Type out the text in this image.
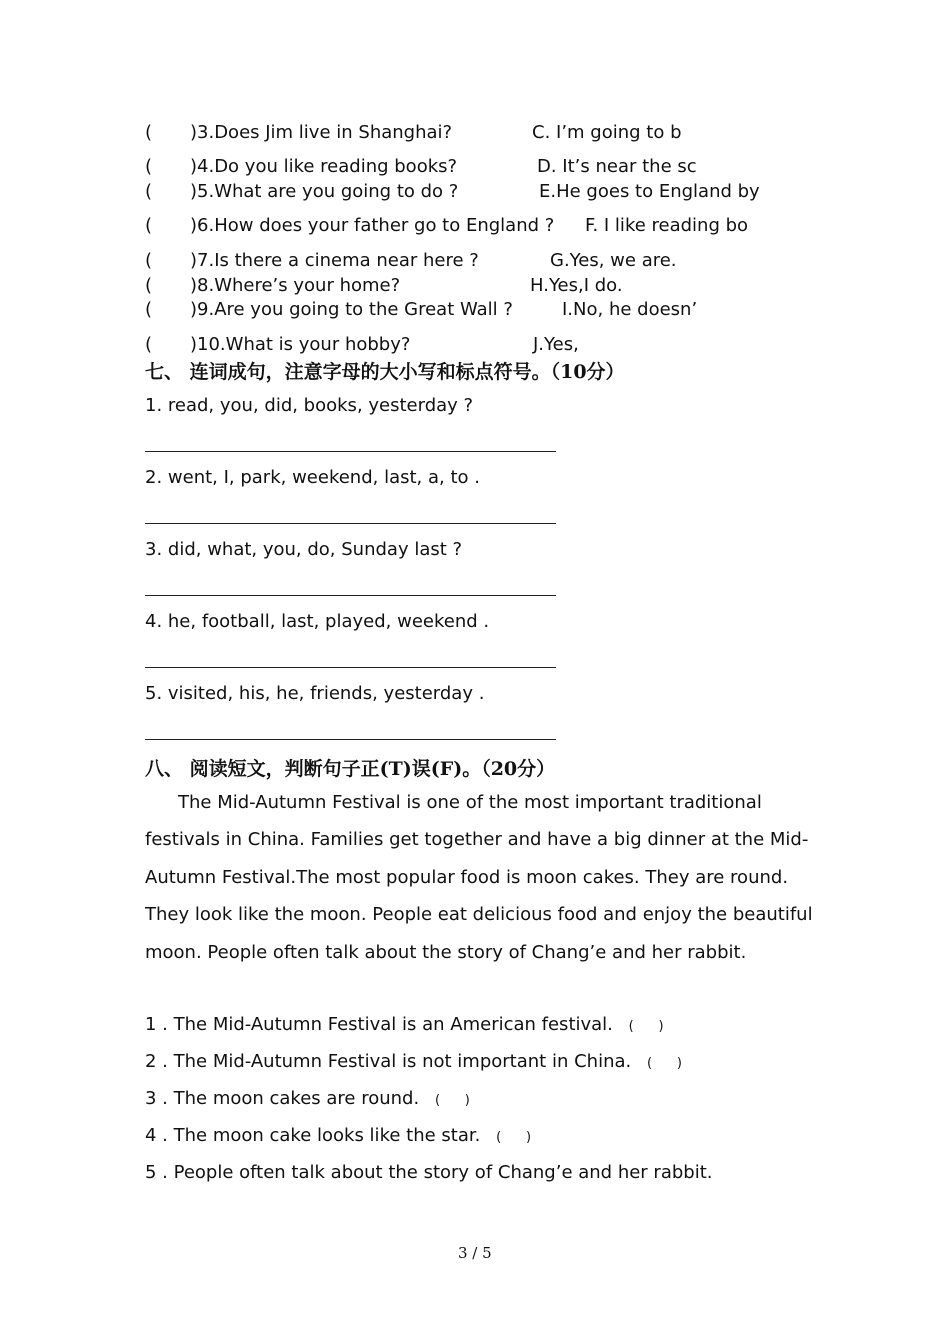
( )3.Does Jim live in Shanghai?	C. I’m going to b
( )4.Do you like reading books?	D. It’s near the sc
( )5.What are you going to do ?	E.He goes to England by
( )6.How does your father go to England ? F. I like reading bo
( )7.Is there a cinema near here ?	G.Yes, we are.
( )8.Where’s your home?	H.Yes,I do.
( )9.Are you going to the Great Wall ?	I.No, he doesn’
( )10.What is your hobby?	J.Yes,
七、 连词成句，注意字母的大小写和标点符号。（10分）
1. read, you, did, books, yesterday ?
2. went, I, park, weekend, last, a, to .
3. did, what, you, do, Sunday last ?
4. he, football, last, played, weekend .
5. visited, his, he, friends, yesterday .
八、 阅读短文，判断句子正(T)误(F)。（20分）
The Mid-Autumn Festival is one of the most important traditional festivals in China. Families get together and have a big dinner at the Mid-Autumn Festival.The most popular food is moon cakes. They are round. They look like the moon. People eat delicious food and enjoy the beautiful moon. People often talk about the story of Chang’e and her rabbit.
1 . The Mid-Autumn Festival is an American festival. (      )
2 . The Mid-Autumn Festival is not important in China. (      )
3 . The moon cakes are round. (      )
4 . The moon cake looks like the star. (      )
5 . People often talk about the story of Chang’e and her rabbit.
3 / 5
